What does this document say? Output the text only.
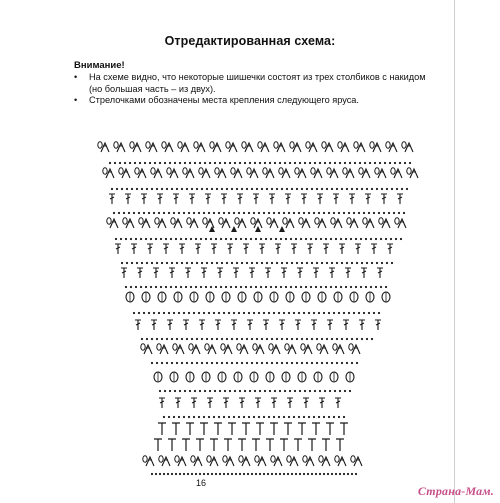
Отредактированная схема:
Внимание!
• На схеме видно, что некоторые шишечки состоят из трех столбиков с накидом
(но большая часть – из двух).
• Стрелочками обозначены места крепления следующего яруса.
16
Страна-Мам.
